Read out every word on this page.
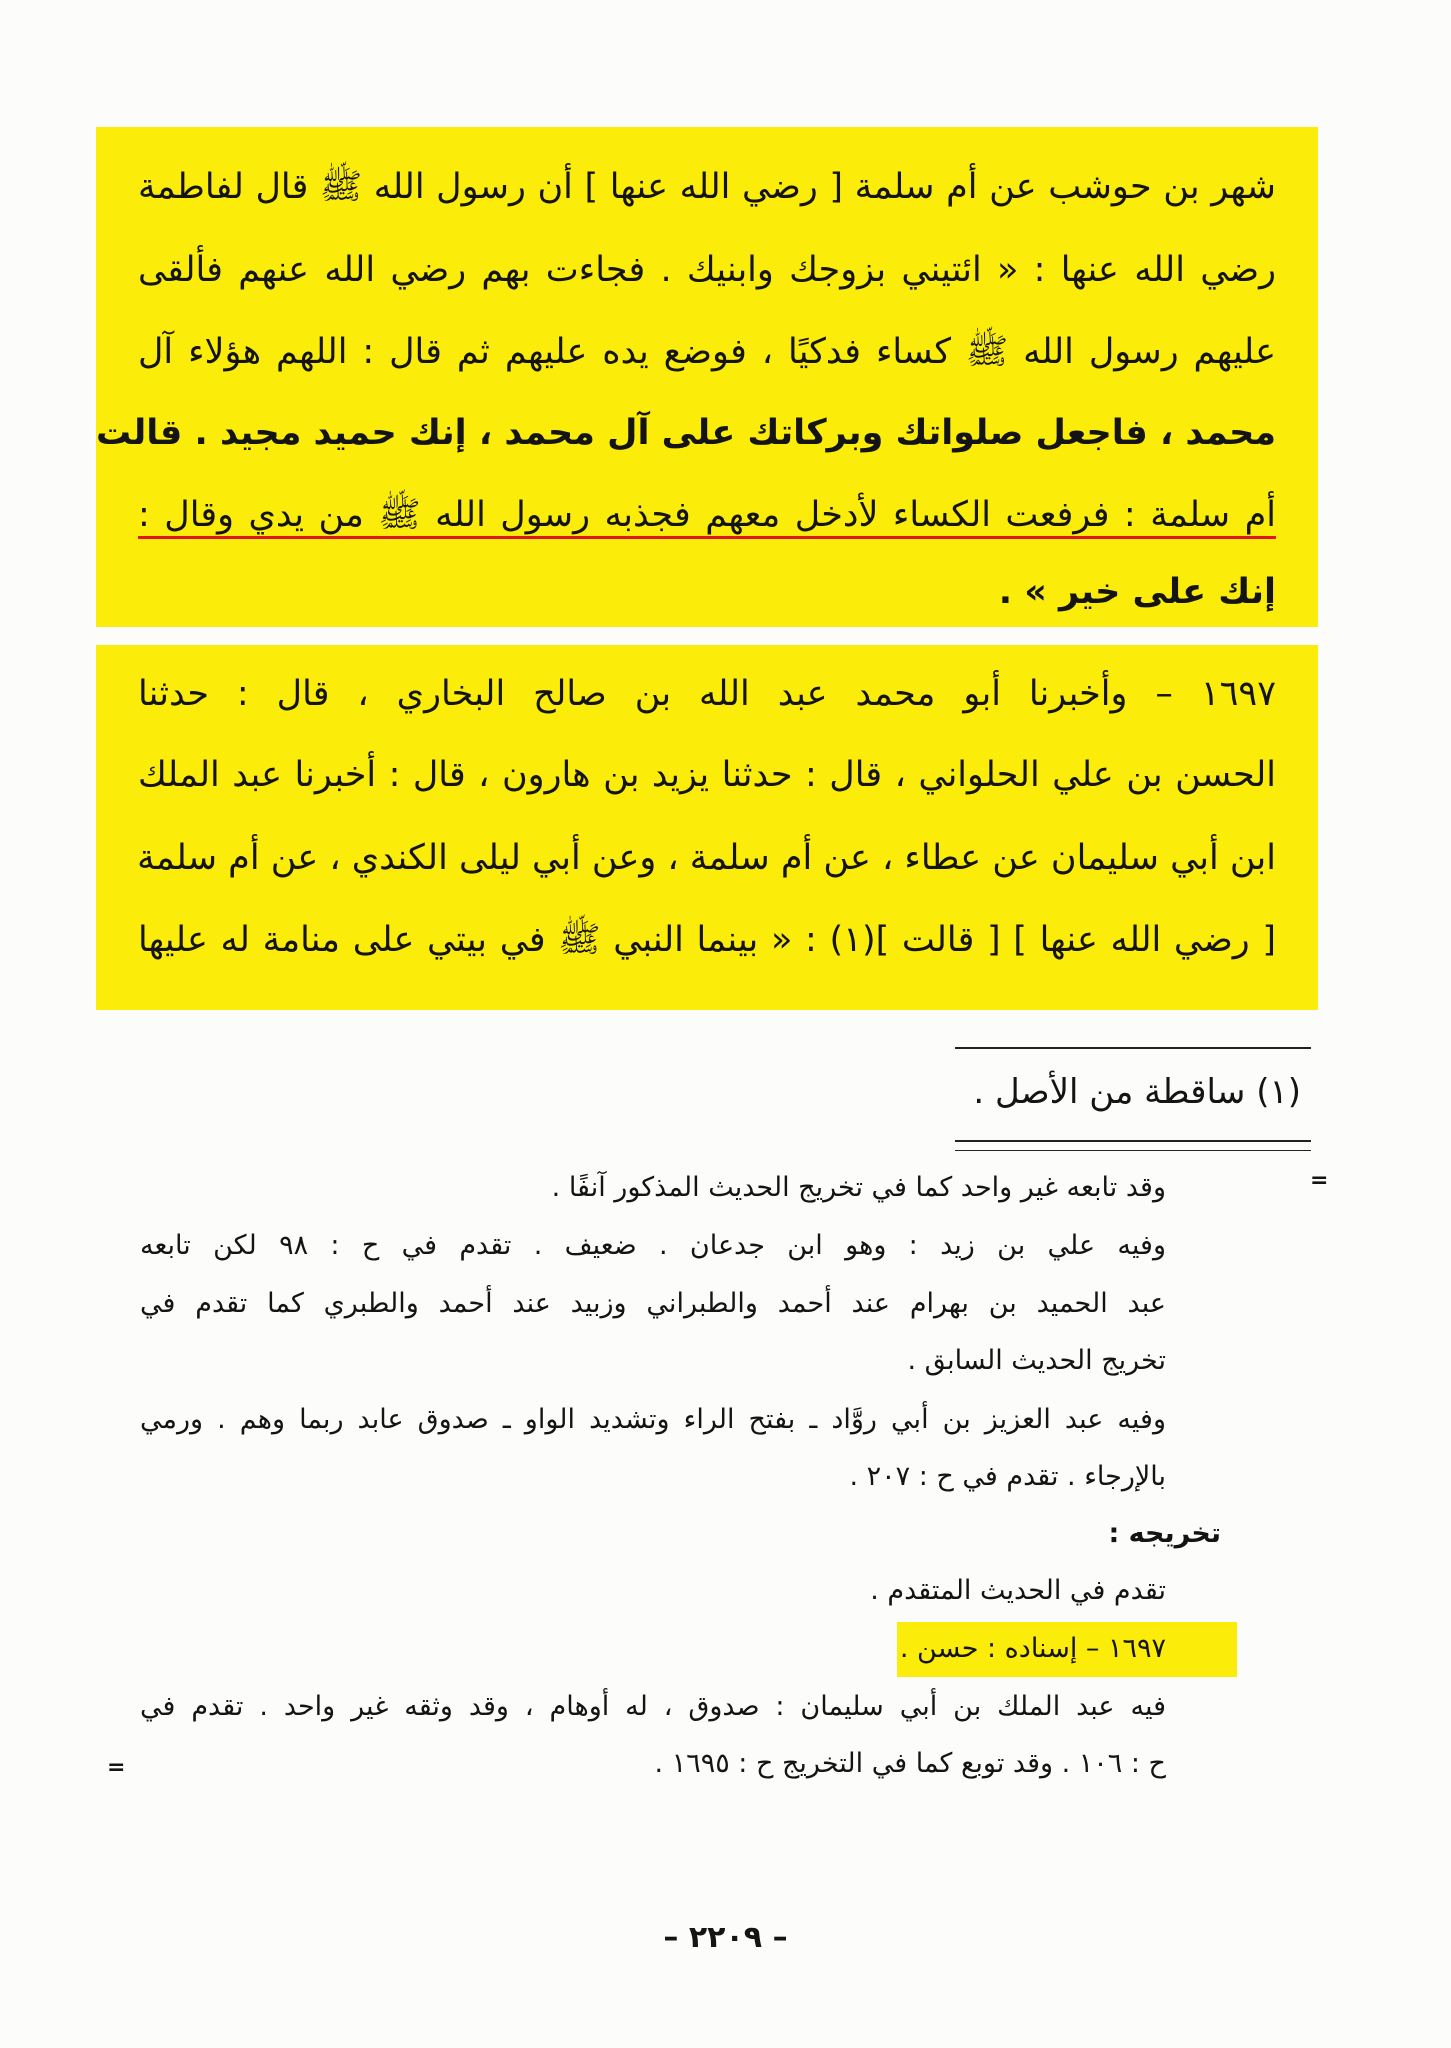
شهر بن حوشب عن أم سلمة [ رضي الله عنها ] أن رسول الله ﷺ قال لفاطمة
رضي الله عنها : « ائتيني بزوجك وابنيك . فجاءت بهم رضي الله عنهم فألقى
عليهم رسول الله ﷺ كساء فدكيًا ، فوضع يده عليهم ثم قال : اللهم هؤلاء آل
محمد ، فاجعل صلواتك وبركاتك على آل محمد ، إنك حميد مجيد . قالت
أم سلمة : فرفعت الكساء لأدخل معهم فجذبه رسول الله ﷺ من يدي وقال :
إنك على خير » .
١٦٩٧ – وأخبرنا أبو محمد عبد الله بن صالح البخاري ، قال : حدثنا
الحسن بن علي الحلواني ، قال : حدثنا يزيد بن هارون ، قال : أخبرنا عبد الملك
ابن أبي سليمان عن عطاء ، عن أم سلمة ، وعن أبي ليلى الكندي ، عن أم سلمة
[ رضي الله عنها ] [ قالت ](١) : « بينما النبي ﷺ في بيتي على منامة له عليها
(١) ساقطة من الأصل .
=
=
وقد تابعه غير واحد كما في تخريج الحديث المذكور آنفًا .
وفيه علي بن زيد : وهو ابن جدعان . ضعيف . تقدم في ح : ٩٨ لكن تابعه
عبد الحميد بن بهرام عند أحمد والطبراني وزبيد عند أحمد والطبري كما تقدم في
تخريج الحديث السابق .
وفيه عبد العزيز بن أبي روَّاد ـ بفتح الراء وتشديد الواو ـ صدوق عابد ربما وهم . ورمي
بالإرجاء . تقدم في ح : ٢٠٧ .
تخريجه :
تقدم في الحديث المتقدم .
١٦٩٧ – إسناده : حسن .
فيه عبد الملك بن أبي سليمان : صدوق ، له أوهام ، وقد وثقه غير واحد . تقدم في
ح : ١٠٦ . وقد توبع كما في التخريج ح : ١٦٩٥ .
– ٢٢٠٩ –
